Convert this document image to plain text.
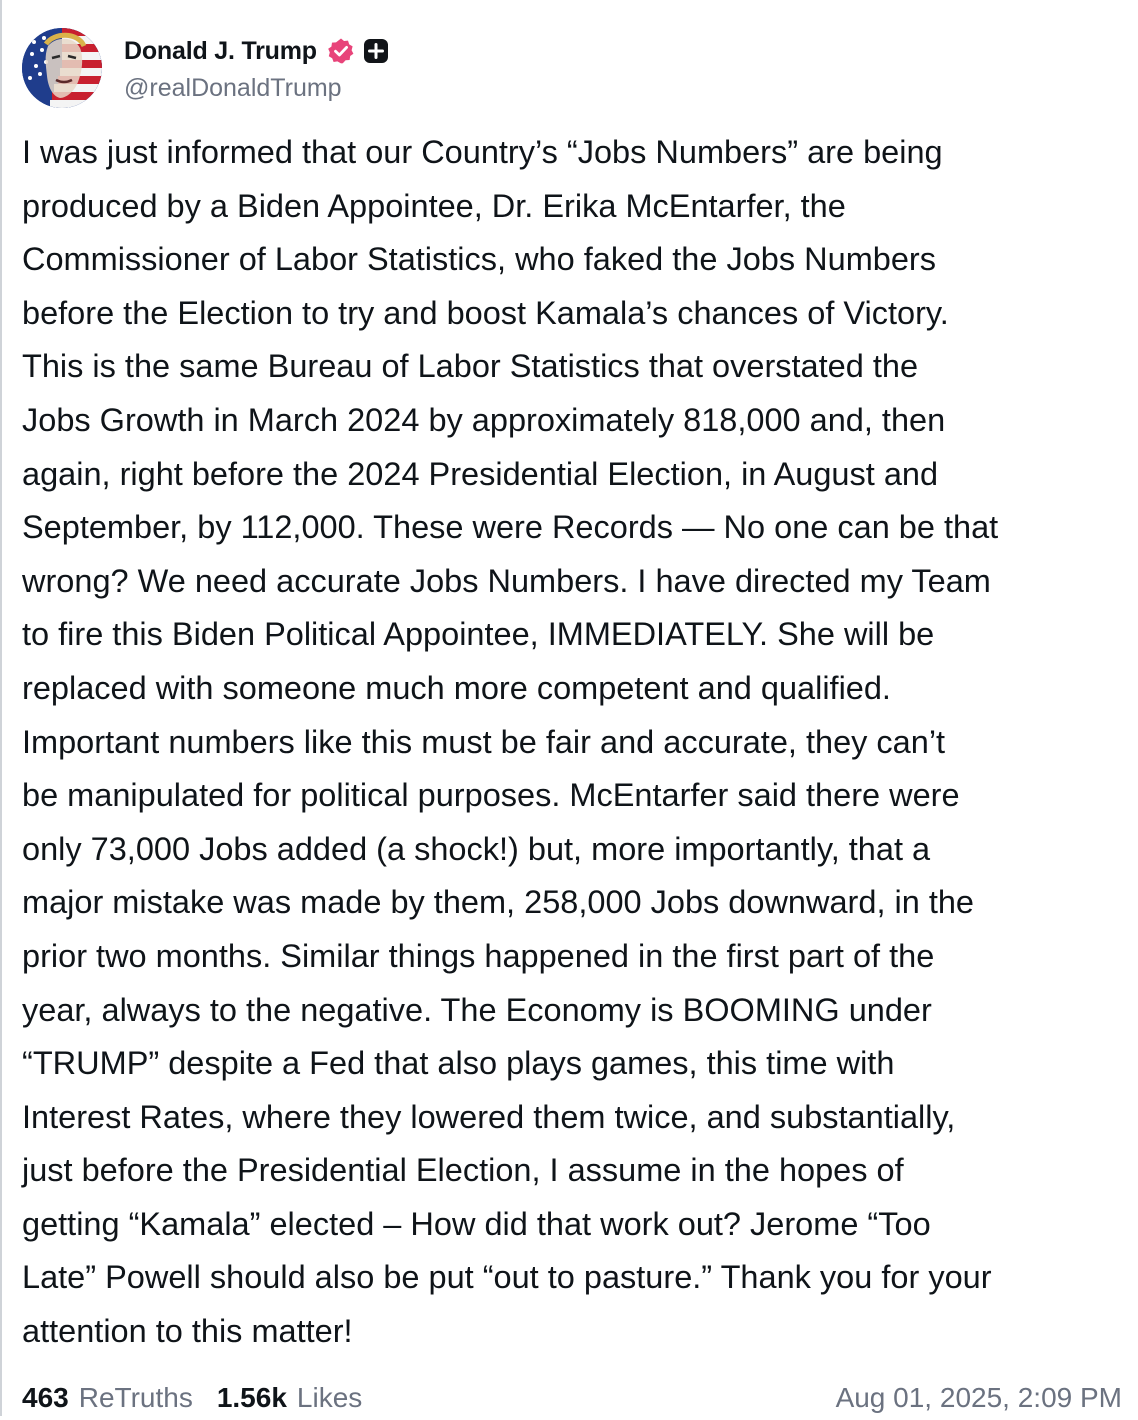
Donald J. Trump
@realDonaldTrump

I was just informed that our Country’s “Jobs Numbers” are being
produced by a Biden Appointee, Dr. Erika McEntarfer, the
Commissioner of Labor Statistics, who faked the Jobs Numbers
before the Election to try and boost Kamala’s chances of Victory.
This is the same Bureau of Labor Statistics that overstated the
Jobs Growth in March 2024 by approximately 818,000 and, then
again, right before the 2024 Presidential Election, in August and
September, by 112,000. These were Records — No one can be that
wrong? We need accurate Jobs Numbers. I have directed my Team
to fire this Biden Political Appointee, IMMEDIATELY. She will be
replaced with someone much more competent and qualified.
Important numbers like this must be fair and accurate, they can’t
be manipulated for political purposes. McEntarfer said there were
only 73,000 Jobs added (a shock!) but, more importantly, that a
major mistake was made by them, 258,000 Jobs downward, in the
prior two months. Similar things happened in the first part of the
year, always to the negative. The Economy is BOOMING under
“TRUMP” despite a Fed that also plays games, this time with
Interest Rates, where they lowered them twice, and substantially,
just before the Presidential Election, I assume in the hopes of
getting “Kamala” elected – How did that work out? Jerome “Too
Late” Powell should also be put “out to pasture.” Thank you for your
attention to this matter!

463 ReTruths 1.56k Likes	Aug 01, 2025, 2:09 PM
